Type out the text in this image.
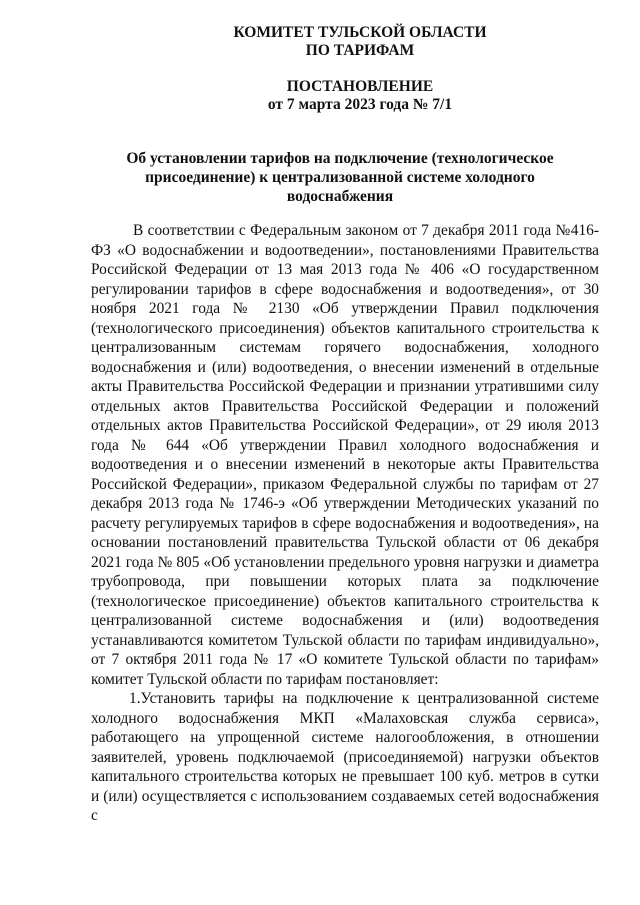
КОМИТЕТ ТУЛЬСКОЙ ОБЛАСТИ
ПО ТАРИФАМ
ПОСТАНОВЛЕНИЕ
от 7 марта 2023 года № 7/1
Об установлении тарифов на подключение (технологическое
присоединение) к централизованной системе холодного водоснабжения

В соответствии с Федеральным законом от 7 декабря 2011 года №416-ФЗ «О водоснабжении и водоотведении», постановлениями Правительства Российской Федерации от 13 мая 2013 года № 406 «О государственном регулировании тарифов в сфере водоснабжения и водоотведения», от 30 ноября 2021 года № 2130 «Об утверждении Правил подключения (технологического присоединения) объектов капитального строительства к централизованным системам горячего водоснабжения, холодного водоснабжения и (или) водоотведения, о внесении изменений в отдельные акты Правительства Российской Федерации и признании утратившими силу отдельных актов Правительства Российской Федерации и положений отдельных актов Правительства Российской Федерации», от 29 июля 2013 года № 644 «Об утверждении Правил холодного водоснабжения и водоотведения и о внесении изменений в некоторые акты Правительства Российской Федерации», приказом Федеральной службы по тарифам от 27 декабря 2013 года № 1746-э «Об утверждении Методических указаний по расчету регулируемых тарифов в сфере водоснабжения и водоотведения», на основании постановлений правительства Тульской области от 06 декабря 2021 года № 805 «Об установлении предельного уровня нагрузки и диаметра трубопровода, при повышении которых плата за подключение (технологическое присоединение) объектов капитального строительства к централизованной системе водоснабжения и (или) водоотведения устанавливаются комитетом Тульской области по тарифам индивидуально», от 7 октября 2011 года № 17 «О комитете Тульской области по тарифам» комитет Тульской области по тарифам постановляет:

1.Установить тарифы на подключение к централизованной системе холодного водоснабжения МКП «Малаховская служба сервиса», работающего на упрощенной системе налогообложения, в отношении заявителей, уровень подключаемой (присоединяемой) нагрузки объектов капитального строительства которых не превышает 100 куб. метров в сутки и (или) осуществляется с использованием создаваемых сетей водоснабжения с
